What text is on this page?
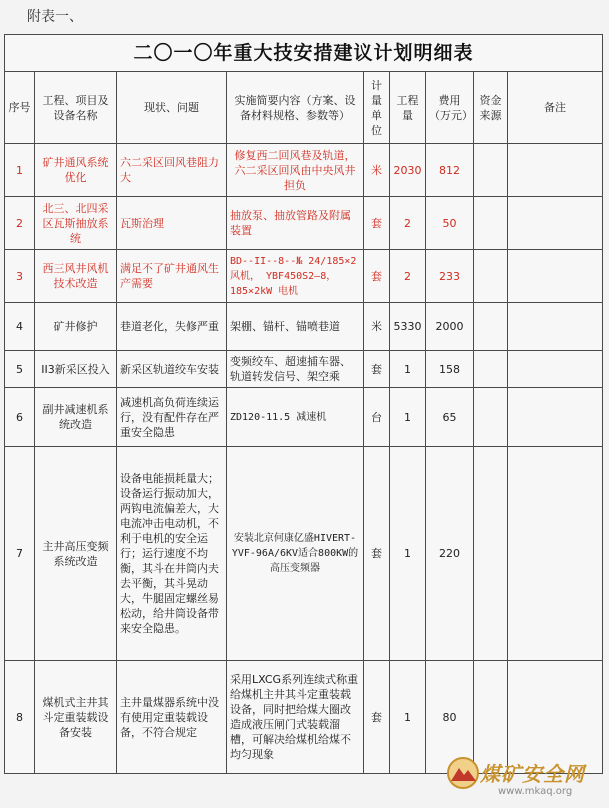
附表一、
二〇一〇年重大技安措建议计划明细表								
序号	工程、项目及设备名称	现状、问题	实施简要内容（方案、设备材料规格、参数等）	计量单位	工程量	费用（万元）	资金来源	备注
1	矿井通风系统优化	六二采区回风巷阻力大	修复西二回风巷及轨道，六二采区回风由中央风井担负	米	2030	812		
2	北三、北四采区瓦斯抽放系统	瓦斯治理	抽放泵、抽放管路及附属装置	套	2	50		
3	西三风井风机技术改造	满足不了矿井通风生产需要	BD--II--8--№ 24/185×2风机， YBF450S2—8，185×2kW 电机	套	2	233		
4	矿井修护	巷道老化，失修严重	架棚、锚杆、锚喷巷道	米	5330	2000		
5	II3新采区投入	新采区轨道绞车安装	变频绞车、超速捕车器、轨道转发信号、架空乘	套	1	158		
6	副井减速机系统改造	减速机高负荷连续运行，没有配件存在严重安全隐患	ZD120-11.5 减速机	台	1	65		
7	主井高压变频系统改造	设备电能损耗量大；设备运行振动加大，两钩电流偏差大，大电流冲击电动机，不利于电机的安全运行；运行速度不均衡，其斗在井筒内夫去平衡，其斗晃动大，牛腿固定螺丝易松动，给井筒设备带来安全隐患。	安装北京何康亿盛HIVERT-YVF-96A/6KV适合800KW的高压变频器	套	1	220		
8	煤机式主井其斗定重装载设备安装	主井量煤器系统中没有使用定重装载设备，不符合规定	采用LXCG系列连续式称重给煤机主井其斗定重装载设备，同时把给煤大圈改造成液压闸门式装载溜槽，可解决给煤机给煤不均匀现象	套	1	80		
煤矿安全网
www.mkaq.org
